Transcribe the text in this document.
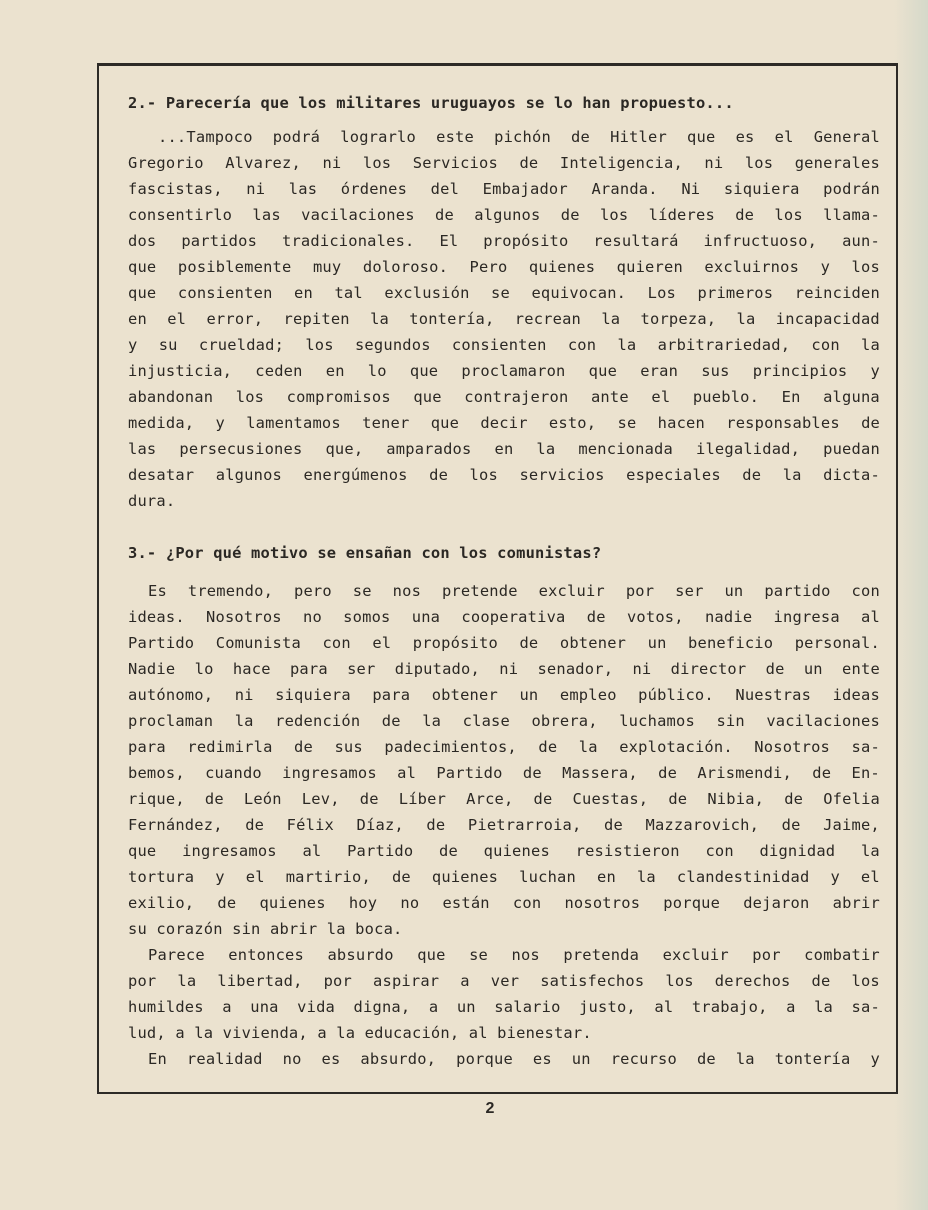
2.- Parecería que los militares uruguayos se lo han propuesto...
...Tampoco podrá lograrlo este pichón de Hitler que es el General
Gregorio Alvarez, ni los Servicios de Inteligencia, ni los generales
fascistas, ni las órdenes del Embajador Aranda. Ni siquiera podrán
consentirlo las vacilaciones de algunos de los líderes de los llama-
dos partidos tradicionales. El propósito resultará infructuoso, aun-
que posiblemente muy doloroso. Pero quienes quieren excluirnos y los
que consienten en tal exclusión se equivocan. Los primeros reinciden
en el error, repiten la tontería, recrean la torpeza, la incapacidad
y su crueldad; los segundos consienten con la arbitrariedad, con la
injusticia, ceden en lo que proclamaron que eran sus principios y
abandonan los compromisos que contrajeron ante el pueblo. En alguna
medida, y lamentamos tener que decir esto, se hacen responsables de
las persecusiones que, amparados en la mencionada ilegalidad, puedan
desatar algunos energúmenos de los servicios especiales de la dicta-
dura.
3.- ¿Por qué motivo se ensañan con los comunistas?
Es tremendo, pero se nos pretende excluir por ser un partido con
ideas. Nosotros no somos una cooperativa de votos, nadie ingresa al
Partido Comunista con el propósito de obtener un beneficio personal.
Nadie lo hace para ser diputado, ni senador, ni director de un ente
autónomo, ni siquiera para obtener un empleo público. Nuestras ideas
proclaman la redención de la clase obrera, luchamos sin vacilaciones
para redimirla de sus padecimientos, de la explotación. Nosotros sa-
bemos, cuando ingresamos al Partido de Massera, de Arismendi, de En-
rique, de León Lev, de Líber Arce, de Cuestas, de Nibia, de Ofelia
Fernández, de Félix Díaz, de Pietrarroia, de Mazzarovich, de Jaime,
que ingresamos al Partido de quienes resistieron con dignidad la
tortura y el martirio, de quienes luchan en la clandestinidad y el
exilio, de quienes hoy no están con nosotros porque dejaron abrir
su corazón sin abrir la boca.
Parece entonces absurdo que se nos pretenda excluir por combatir
por la libertad, por aspirar a ver satisfechos los derechos de los
humildes a una vida digna, a un salario justo, al trabajo, a la sa-
lud, a la vivienda, a la educación, al bienestar.
En realidad no es absurdo, porque es un recurso de la tontería y
2
